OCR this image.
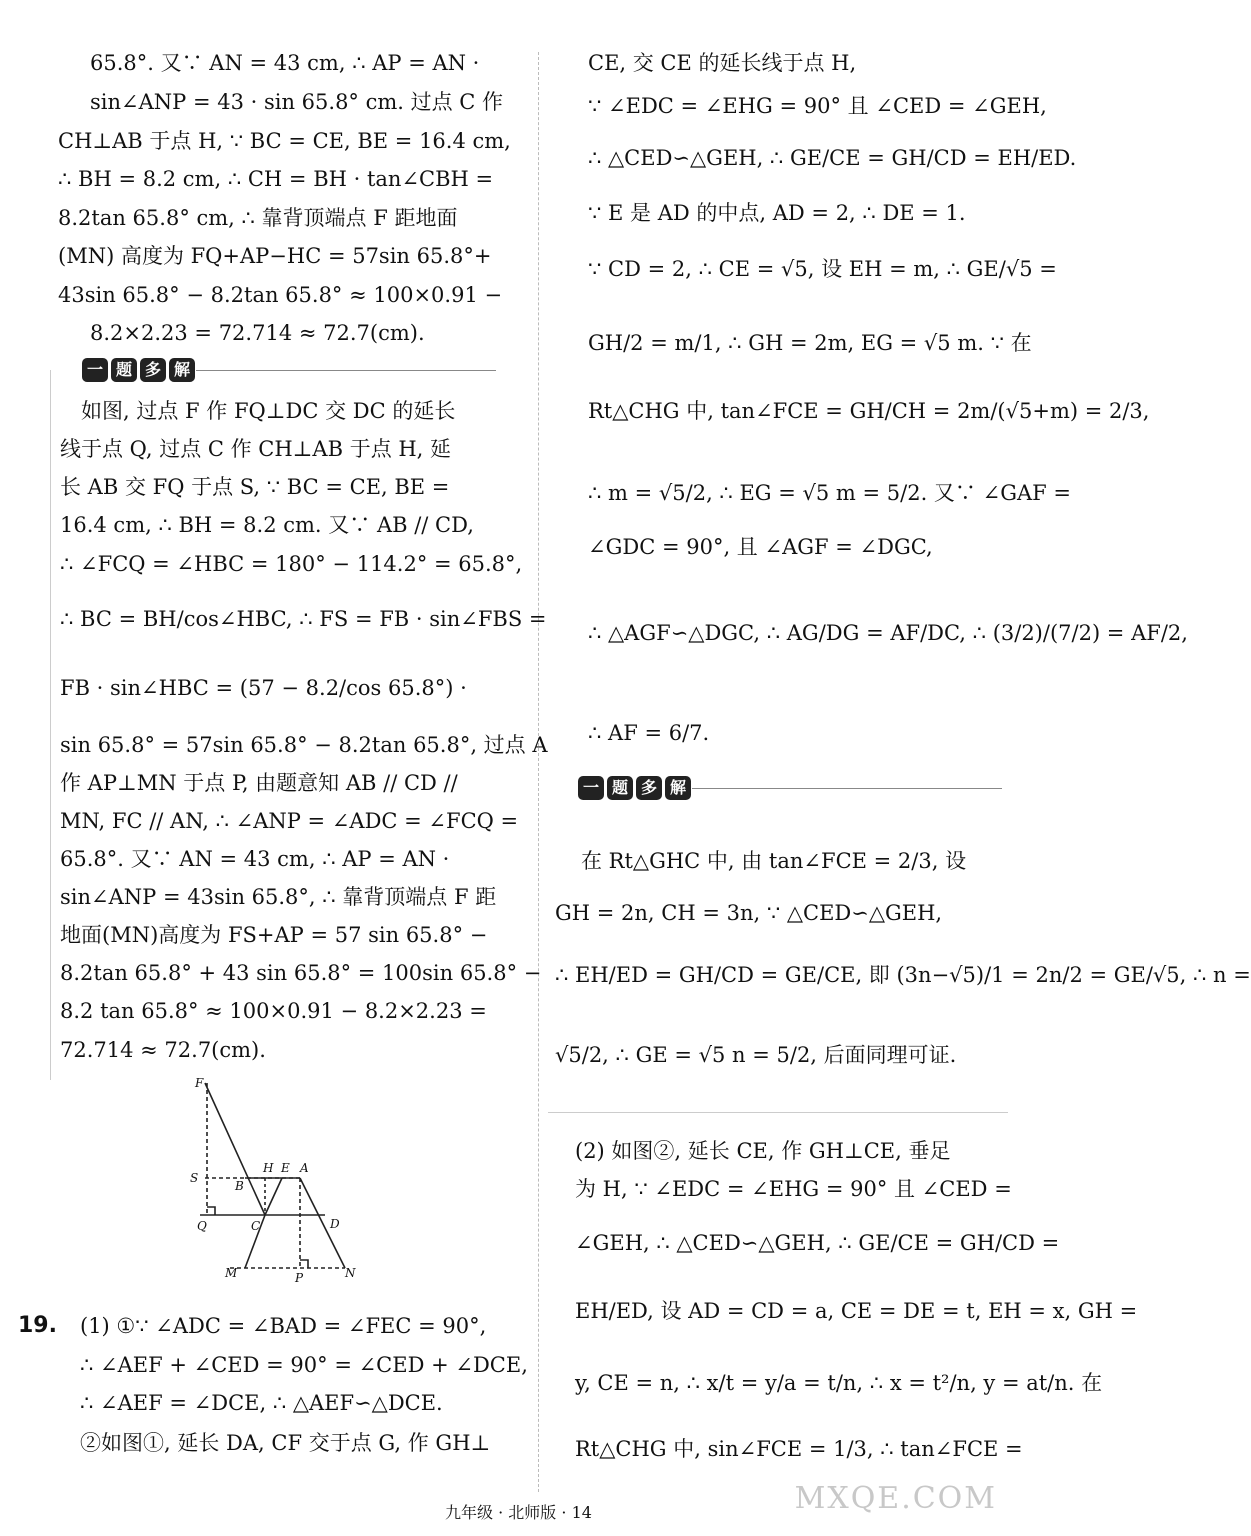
65.8°. 又∵ AN = 43 cm, ∴ AP = AN ·
sin∠ANP = 43 · sin 65.8° cm. 过点 C 作
CH⊥AB 于点 H, ∵ BC = CE, BE = 16.4 cm,
∴ BH = 8.2 cm, ∴ CH = BH · tan∠CBH =
8.2tan 65.8° cm, ∴ 靠背顶端点 F 距地面
(MN) 高度为 FQ+AP−HC = 57sin 65.8°+
43sin 65.8° − 8.2tan 65.8° ≈ 100×0.91 −
8.2×2.23 = 72.714 ≈ 72.7(cm).
一 题 多 解
　如图, 过点 F 作 FQ⊥DC 交 DC 的延长
线于点 Q, 过点 C 作 CH⊥AB 于点 H, 延
长 AB 交 FQ 于点 S, ∵ BC = CE, BE =
16.4 cm, ∴ BH = 8.2 cm. 又∵ AB // CD,
∴ ∠FCQ = ∠HBC = 180° − 114.2° = 65.8°,
∴ BC = BH/cos∠HBC, ∴ FS = FB · sin∠FBS =
FB · sin∠HBC = (57 − 8.2/cos 65.8°) ·
sin 65.8° = 57sin 65.8° − 8.2tan 65.8°, 过点 A
作 AP⊥MN 于点 P, 由题意知 AB // CD //
MN, FC // AN, ∴ ∠ANP = ∠ADC = ∠FCQ =
65.8°. 又∵ AN = 43 cm, ∴ AP = AN ·
sin∠ANP = 43sin 65.8°, ∴ 靠背顶端点 F 距
地面(MN)高度为 FS+AP = 57 sin 65.8° −
8.2tan 65.8° + 43 sin 65.8° = 100sin 65.8° −
8.2 tan 65.8° ≈ 100×0.91 − 8.2×2.23 =
72.714 ≈ 72.7(cm).
F
S
H E A
B
Q	C	D
M	P	N
19. (1) ①∵ ∠ADC = ∠BAD = ∠FEC = 90°,
∴ ∠AEF + ∠CED = 90° = ∠CED + ∠DCE,
∴ ∠AEF = ∠DCE, ∴ △AEF∽△DCE.
②如图①, 延长 DA, CF 交于点 G, 作 GH⊥
CE, 交 CE 的延长线于点 H,
∵ ∠EDC = ∠EHG = 90° 且 ∠CED = ∠GEH,
∴ △CED∽△GEH, ∴ GE/CE = GH/CD = EH/ED.
∵ E 是 AD 的中点, AD = 2, ∴ DE = 1.
∵ CD = 2, ∴ CE = √5, 设 EH = m, ∴ GE/√5 =
GH/2 = m/1, ∴ GH = 2m, EG = √5 m. ∵ 在
Rt△CHG 中, tan∠FCE = GH/CH = 2m/(√5+m) = 2/3,
∴ m = √5/2, ∴ EG = √5 m = 5/2. 又∵ ∠GAF =
∠GDC = 90°, 且 ∠AGF = ∠DGC,
∴ △AGF∽△DGC, ∴ AG/DG = AF/DC, ∴ (3/2)/(7/2) = AF/2,
∴ AF = 6/7.
一 题 多 解
　在 Rt△GHC 中, 由 tan∠FCE = 2/3, 设
GH = 2n, CH = 3n, ∵ △CED∽△GEH,
∴ EH/ED = GH/CD = GE/CE, 即 (3n−√5)/1 = 2n/2 = GE/√5, ∴ n =
√5/2, ∴ GE = √5 n = 5/2, 后面同理可证.
(2) 如图②, 延长 CE, 作 GH⊥CE, 垂足
为 H, ∵ ∠EDC = ∠EHG = 90° 且 ∠CED =
∠GEH, ∴ △CED∽△GEH, ∴ GE/CE = GH/CD =
EH/ED, 设 AD = CD = a, CE = DE = t, EH = x, GH =
y, CE = n, ∴ x/t = y/a = t/n, ∴ x = t²/n, y = at/n. 在
Rt△CHG 中, sin∠FCE = 1/3, ∴ tan∠FCE =
九年级 · 北师版 · 14	MXQE.COM
